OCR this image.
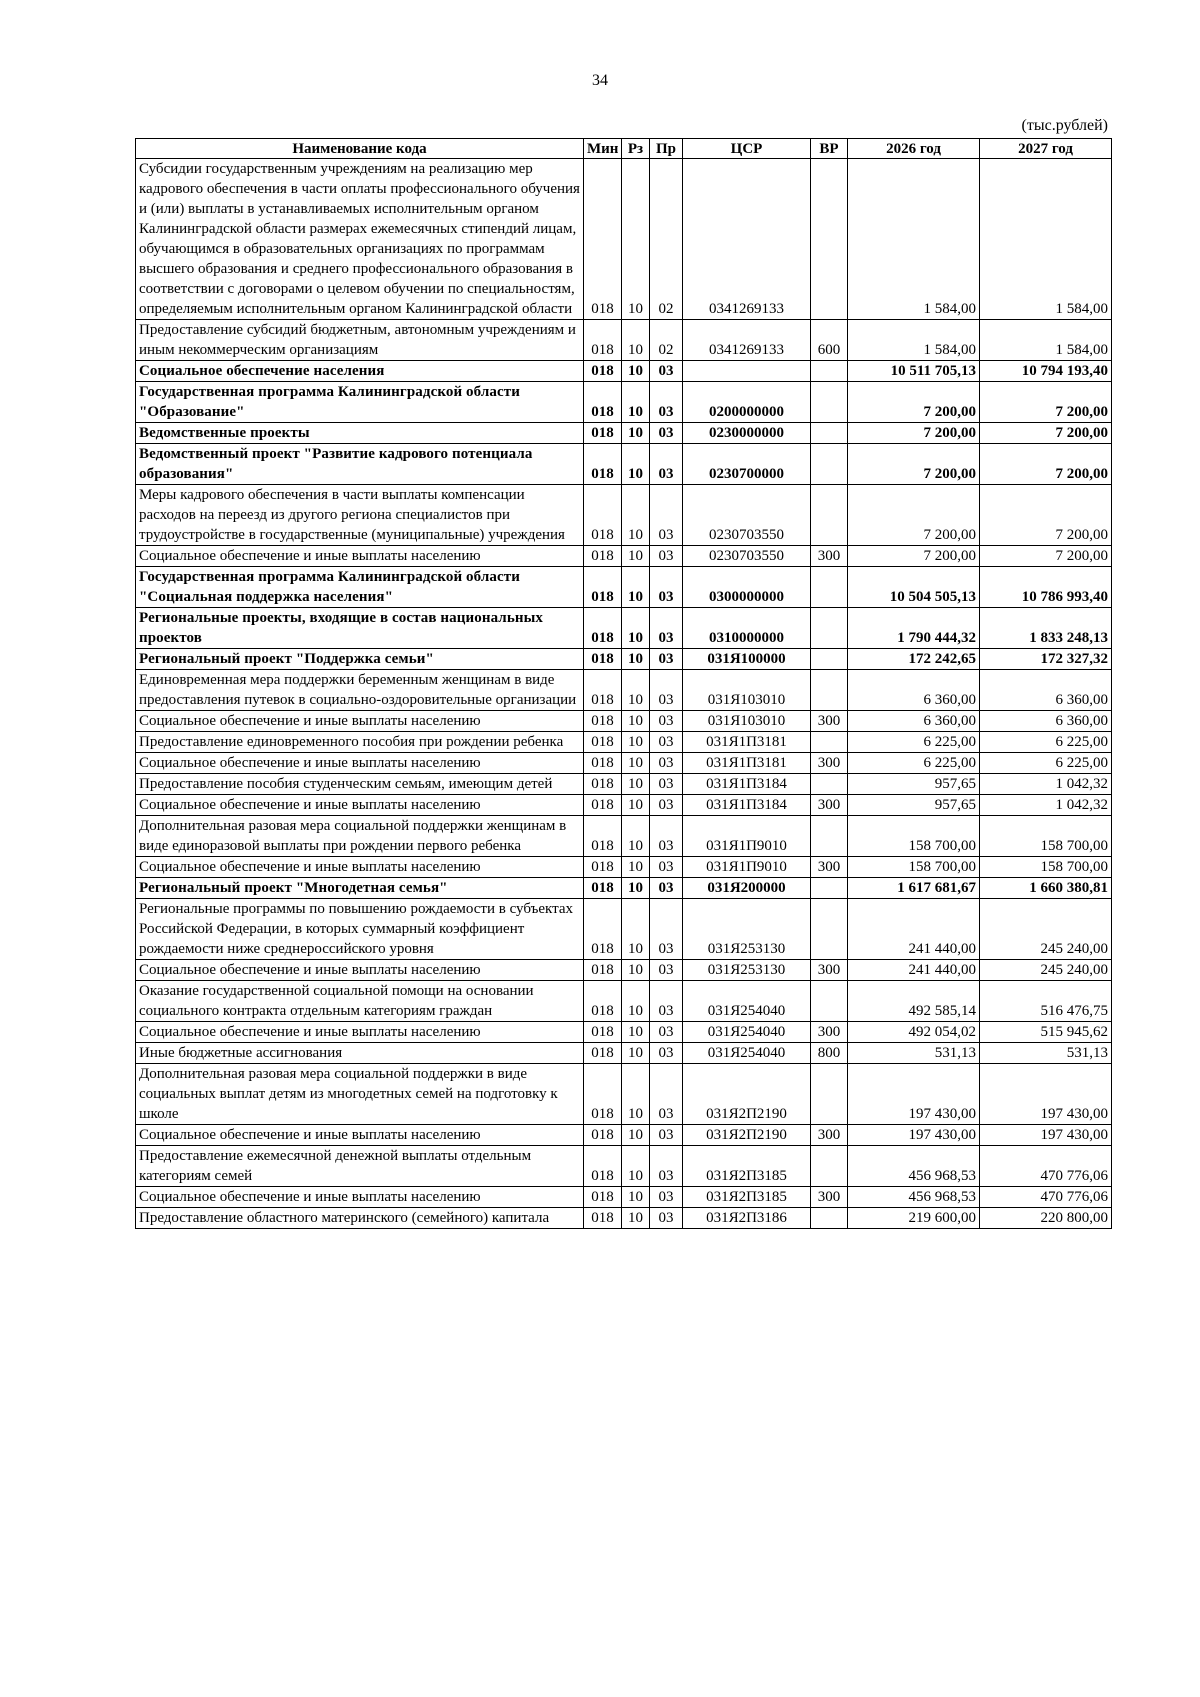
34
(тыс.рублей)
Наименование кода	Мин	Рз	Пр	ЦСР	ВР	2026 год	2027 год
Субсидии государственным учреждениям на реализацию мер кадрового обеспечения в части оплаты профессионального обучения и (или) выплаты в устанавливаемых исполнительным органом Калининградской области размерах ежемесячных стипендий лицам, обучающимся в образовательных организациях по программам высшего образования и среднего профессионального образования в соответствии с договорами о целевом обучении по специальностям, определяемым исполнительным органом Калининградской области	018	10	02	0341269133		1 584,00	1 584,00
Предоставление субсидий бюджетным, автономным учреждениям и иным некоммерческим организациям	018	10	02	0341269133	600	1 584,00	1 584,00
Социальное обеспечение населения	018	10	03			10 511 705,13	10 794 193,40
Государственная программа Калининградской области "Образование"	018	10	03	0200000000		7 200,00	7 200,00
Ведомственные проекты	018	10	03	0230000000		7 200,00	7 200,00
Ведомственный проект "Развитие кадрового потенциала образования"	018	10	03	0230700000		7 200,00	7 200,00
Меры кадрового обеспечения в части выплаты компенсации расходов на переезд из другого региона специалистов при трудоустройстве в государственные (муниципальные) учреждения	018	10	03	0230703550		7 200,00	7 200,00
Социальное обеспечение и иные выплаты населению	018	10	03	0230703550	300	7 200,00	7 200,00
Государственная программа Калининградской области "Социальная поддержка населения"	018	10	03	0300000000		10 504 505,13	10 786 993,40
Региональные проекты, входящие в состав национальных проектов	018	10	03	0310000000		1 790 444,32	1 833 248,13
Региональный проект "Поддержка семьи"	018	10	03	031Я100000		172 242,65	172 327,32
Единовременная мера поддержки беременным женщинам в виде предоставления путевок в социально-оздоровительные организации	018	10	03	031Я103010		6 360,00	6 360,00
Социальное обеспечение и иные выплаты населению	018	10	03	031Я103010	300	6 360,00	6 360,00
Предоставление единовременного пособия при рождении ребенка	018	10	03	031Я1П3181		6 225,00	6 225,00
Социальное обеспечение и иные выплаты населению	018	10	03	031Я1П3181	300	6 225,00	6 225,00
Предоставление пособия студенческим семьям, имеющим детей	018	10	03	031Я1П3184		957,65	1 042,32
Социальное обеспечение и иные выплаты населению	018	10	03	031Я1П3184	300	957,65	1 042,32
Дополнительная разовая мера социальной поддержки женщинам в виде единоразовой выплаты при рождении первого ребенка	018	10	03	031Я1П9010		158 700,00	158 700,00
Социальное обеспечение и иные выплаты населению	018	10	03	031Я1П9010	300	158 700,00	158 700,00
Региональный проект "Многодетная семья"	018	10	03	031Я200000		1 617 681,67	1 660 380,81
Региональные программы по повышению рождаемости в субъектах Российской Федерации, в которых суммарный коэффициент рождаемости ниже среднероссийского уровня	018	10	03	031Я253130		241 440,00	245 240,00
Социальное обеспечение и иные выплаты населению	018	10	03	031Я253130	300	241 440,00	245 240,00
Оказание государственной социальной помощи на основании социального контракта отдельным категориям граждан	018	10	03	031Я254040		492 585,14	516 476,75
Социальное обеспечение и иные выплаты населению	018	10	03	031Я254040	300	492 054,02	515 945,62
Иные бюджетные ассигнования	018	10	03	031Я254040	800	531,13	531,13
Дополнительная разовая мера социальной поддержки в виде социальных выплат детям из многодетных семей на подготовку к школе	018	10	03	031Я2П2190		197 430,00	197 430,00
Социальное обеспечение и иные выплаты населению	018	10	03	031Я2П2190	300	197 430,00	197 430,00
Предоставление ежемесячной денежной выплаты отдельным категориям семей	018	10	03	031Я2П3185		456 968,53	470 776,06
Социальное обеспечение и иные выплаты населению	018	10	03	031Я2П3185	300	456 968,53	470 776,06
Предоставление областного материнского (семейного) капитала	018	10	03	031Я2П3186		219 600,00	220 800,00
